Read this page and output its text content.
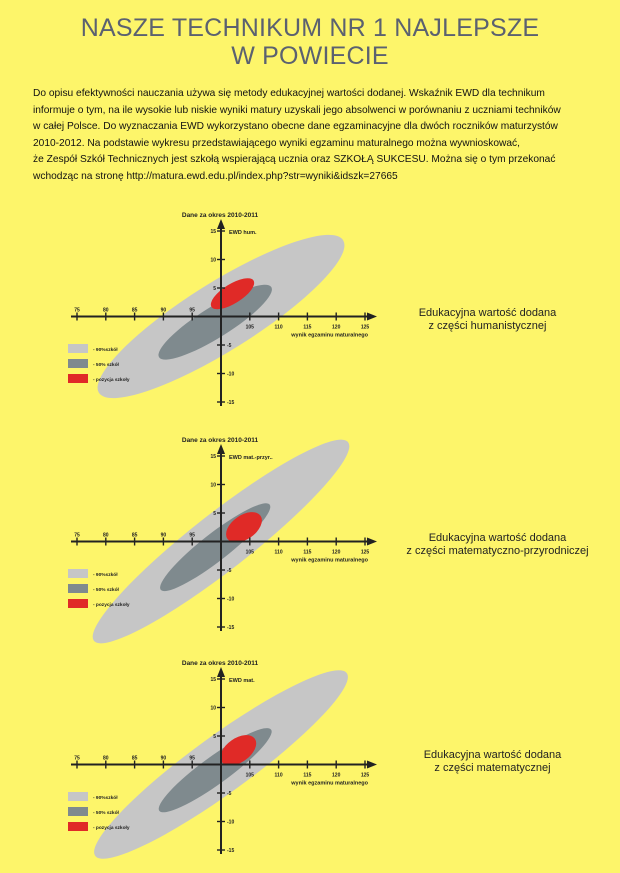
NASZE TECHNIKUM NR 1 NAJLEPSZE
W POWIECIE

Do opisu efektywności nauczania używa się metody edukacyjnej wartości dodanej. Wskaźnik EWD dla technikum

informuje o tym, na ile wysokie lub niskie wyniki matury uzyskali jego absolwenci w porównaniu z uczniami techników

w całej Polsce. Do wyznaczania EWD wykorzystano obecne dane egzaminacyjne dla dwóch roczników maturzystów

2010-2012. Na podstawie wykresu przedstawiającego wyniki egzaminu maturalnego można wywnioskować,

że Zespół Szkół Technicznych jest szkołą wspierającą ucznia oraz SZKOŁĄ SUKCESU. Można się o tym przekonać

wchodząc na stronę http://matura.ewd.edu.pl/index.php?str=wyniki&idszk=27665

75	80	85	90	95
105	110	115	120	125
15
10
5
-5
-10
-15
Dane za okres 2010-2011
EWD hum.
wynik egzaminu maturalnego
- 90%szkół
- 50% szkół
- pozycja szkoły
Edukacyjna wartość dodana
z części humanistycznej
75	80	85	90	95
105	110	115	120	125
15
10
5
-5
-10
-15
Dane za okres 2010-2011
EWD mat.-przyr..
wynik egzaminu maturalnego
- 90%szkół
- 50% szkół
- pozycja szkoły
Edukacyjna wartość dodana
z części matematyczno-przyrodniczej
75	80	85	90	95
105	110	115	120	125
15
10
5
-5
-10
-15
Dane za okres 2010-2011
EWD mat.
wynik egzaminu maturalnego
- 90%szkół
- 50% szkół
- pozycja szkoły
Edukacyjna wartość dodana
z części matematycznej
